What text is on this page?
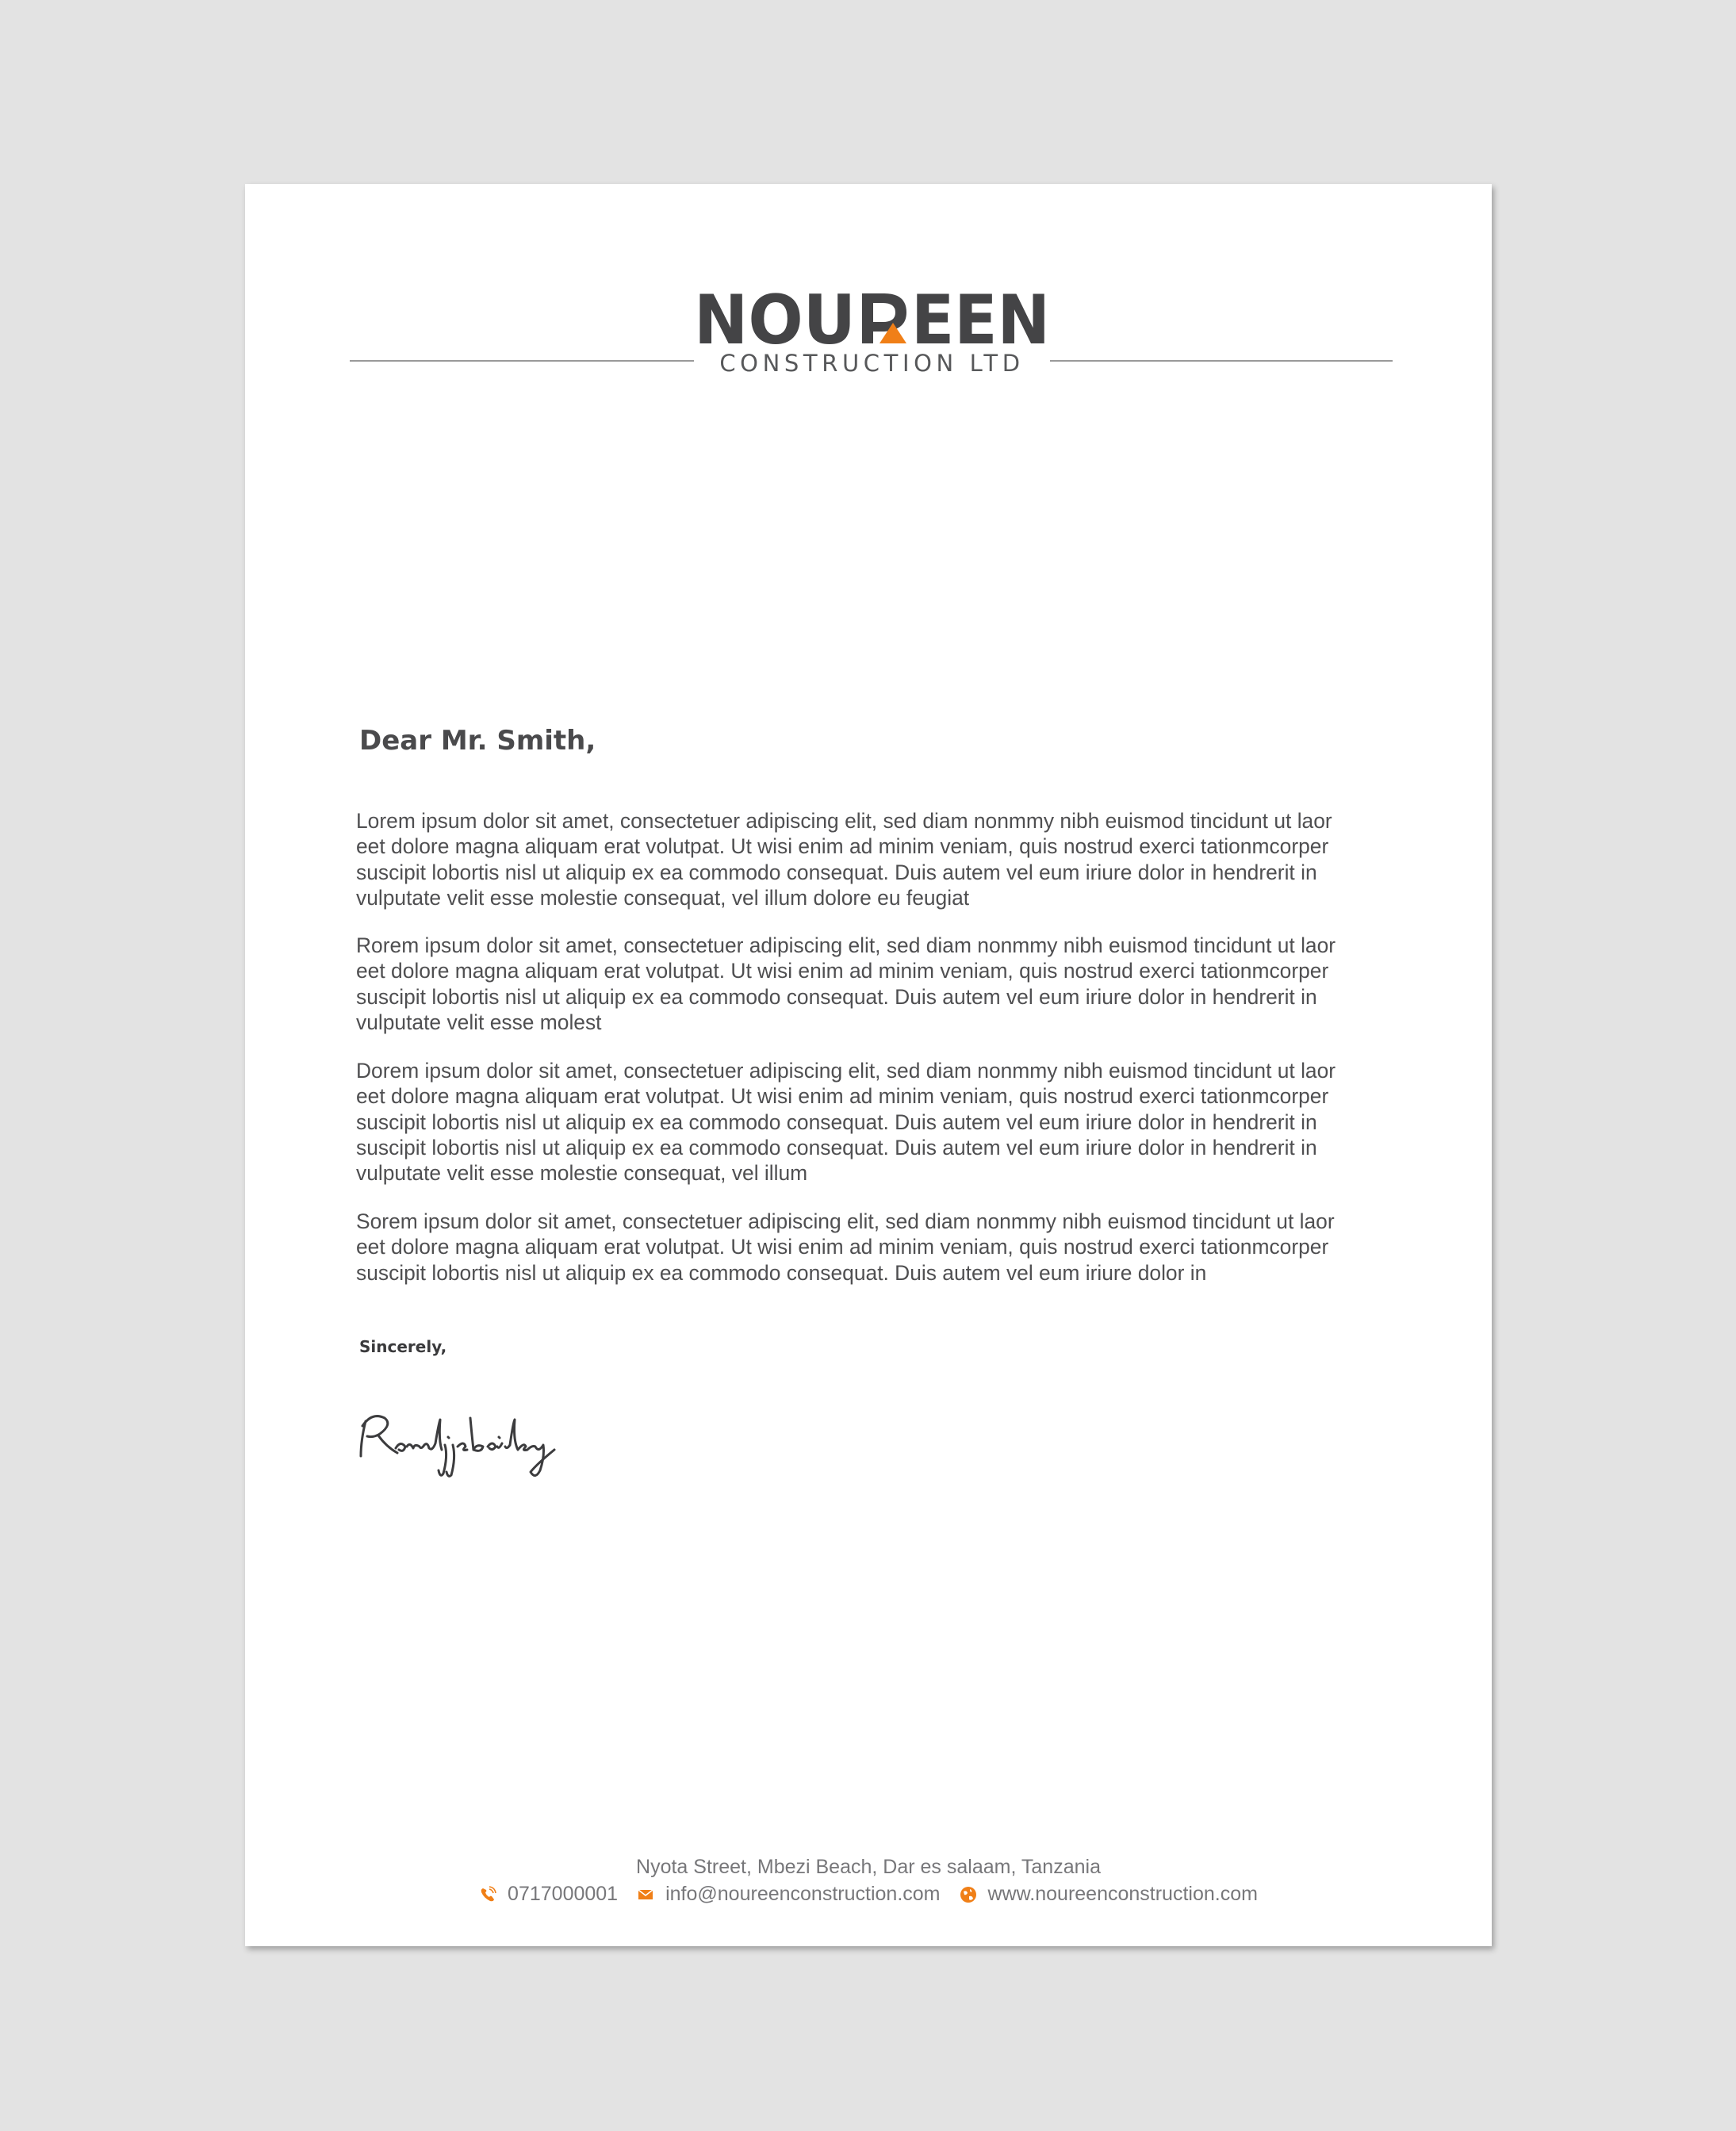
NOU EEN
CONSTRUCTION LTD
Dear Mr. Smith,
Lorem ipsum dolor sit amet, consectetuer adipiscing elit, sed diam nonmmy nibh euismod tincidunt ut laor
eet dolore magna aliquam erat volutpat. Ut wisi enim ad minim veniam, quis nostrud exerci tationmcorper
suscipit lobortis nisl ut aliquip ex ea commodo consequat. Duis autem vel eum iriure dolor in hendrerit in
vulputate velit esse molestie consequat, vel illum dolore eu feugiat
Rorem ipsum dolor sit amet, consectetuer adipiscing elit, sed diam nonmmy nibh euismod tincidunt ut laor
eet dolore magna aliquam erat volutpat. Ut wisi enim ad minim veniam, quis nostrud exerci tationmcorper
suscipit lobortis nisl ut aliquip ex ea commodo consequat. Duis autem vel eum iriure dolor in hendrerit in
vulputate velit esse molest
Dorem ipsum dolor sit amet, consectetuer adipiscing elit, sed diam nonmmy nibh euismod tincidunt ut laor
eet dolore magna aliquam erat volutpat. Ut wisi enim ad minim veniam, quis nostrud exerci tationmcorper
suscipit lobortis nisl ut aliquip ex ea commodo consequat. Duis autem vel eum iriure dolor in hendrerit in
suscipit lobortis nisl ut aliquip ex ea commodo consequat. Duis autem vel eum iriure dolor in hendrerit in
vulputate velit esse molestie consequat, vel illum
Sorem ipsum dolor sit amet, consectetuer adipiscing elit, sed diam nonmmy nibh euismod tincidunt ut laor
eet dolore magna aliquam erat volutpat. Ut wisi enim ad minim veniam, quis nostrud exerci tationmcorper
suscipit lobortis nisl ut aliquip ex ea commodo consequat. Duis autem vel eum iriure dolor in
Sincerely,
Nyota Street, Mbezi Beach, Dar es salaam, Tanzania
0717000001 info@noureenconstruction.com www.noureenconstruction.com
